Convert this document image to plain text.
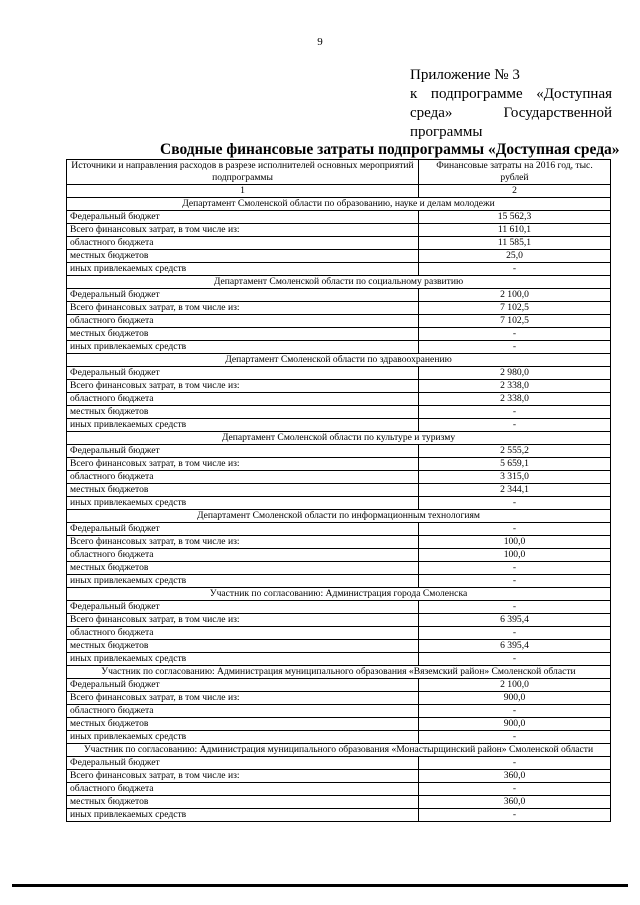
9
Приложение № 3
к подпрограмме «Доступная
среда»	Государственной
программы
Сводные финансовые затраты подпрограммы «Доступная среда»
Источники и направления расходов в разрезе исполнителей основных мероприятий подпрограммы	Финансовые затраты на 2016 год, тыс. рублей
1	2
Департамент Смоленской области по образованию, науке и делам молодежи	
Федеральный бюджет	15 562,3
Всего финансовых затрат, в том числе из:	11 610,1
областного бюджета	11 585,1
местных бюджетов	25,0
иных привлекаемых средств	-
Департамент Смоленской области по социальному развитию	
Федеральный бюджет	2 100,0
Всего финансовых затрат, в том числе из:	7 102,5
областного бюджета	7 102,5
местных бюджетов	-
иных привлекаемых средств	-
Департамент Смоленской области по здравоохранению	
Федеральный бюджет	2 980,0
Всего финансовых затрат, в том числе из:	2 338,0
областного бюджета	2 338,0
местных бюджетов	-
иных привлекаемых средств	-
Департамент Смоленской области по культуре и туризму	
Федеральный бюджет	2 555,2
Всего финансовых затрат, в том числе из:	5 659,1
областного бюджета	3 315,0
местных бюджетов	2 344,1
иных привлекаемых средств	-
Департамент Смоленской области по информационным технологиям	
Федеральный бюджет	-
Всего финансовых затрат, в том числе из:	100,0
областного бюджета	100,0
местных бюджетов	-
иных привлекаемых средств	-
Участник по согласованию: Администрация города Смоленска	
Федеральный бюджет	-
Всего финансовых затрат, в том числе из:	6 395,4
областного бюджета	-
местных бюджетов	6 395,4
иных привлекаемых средств	-
Участник по согласованию: Администрация муниципального образования «Вяземский район» Смоленской области	
Федеральный бюджет	2 100,0
Всего финансовых затрат, в том числе из:	900,0
областного бюджета	-
местных бюджетов	900,0
иных привлекаемых средств	-
Участник по согласованию: Администрация муниципального образования «Монастырщинский район» Смоленской области	
Федеральный бюджет	-
Всего финансовых затрат, в том числе из:	360,0
областного бюджета	-
местных бюджетов	360,0
иных привлекаемых средств	-
